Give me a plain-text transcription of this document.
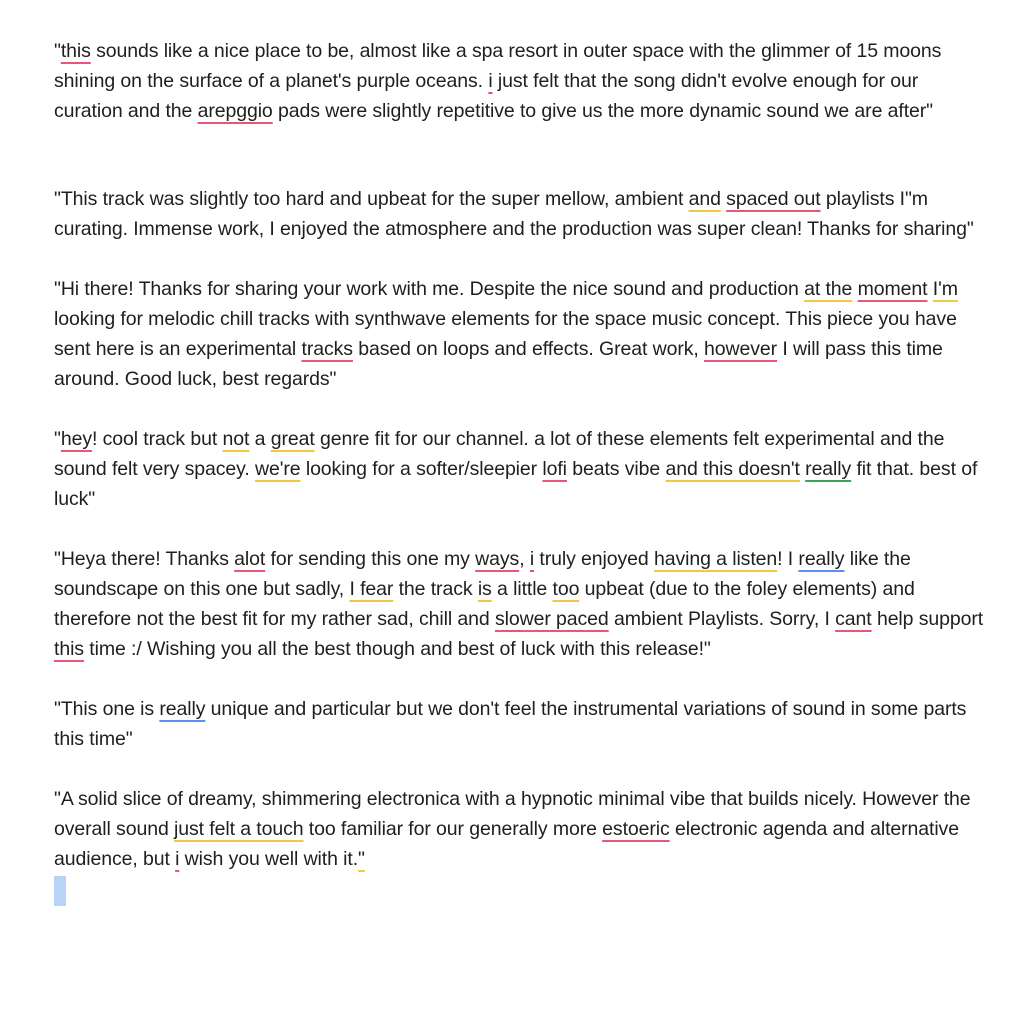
"this sounds like a nice place to be, almost like a spa resort in outer space with the glimmer of 15 moons shining on the surface of a planet's purple oceans. i just felt that the song didn't evolve enough for our curation and the arepggio pads were slightly repetitive to give us the more dynamic sound we are after"

"This track was slightly too hard and upbeat for the super mellow, ambient and spaced out playlists I"m curating. Immense work, I enjoyed the atmosphere and the production was super clean! Thanks for sharing"

"Hi there! Thanks for sharing your work with me. Despite the nice sound and production at the moment I'm looking for melodic chill tracks with synthwave elements for the space music concept. This piece you have sent here is an experimental tracks based on loops and effects. Great work, however I will pass this time around. Good luck, best regards"

"hey! cool track but not a great genre fit for our channel. a lot of these elements felt experimental and the sound felt very spacey. we're looking for a softer/sleepier lofi beats vibe and this doesn't really fit that. best of luck"

"Heya there! Thanks alot for sending this one my ways, i truly enjoyed having a listen! I really like the soundscape on this one but sadly, I fear the track is a little too upbeat (due to the foley elements) and therefore not the best fit for my rather sad, chill and slower paced ambient Playlists. Sorry, I cant help support this time :/ Wishing you all the best though and best of luck with this release!"

"This one is really unique and particular but we don't feel the instrumental variations of sound in some parts this time"

"A solid slice of dreamy, shimmering electronica with a hypnotic minimal vibe that builds nicely. However the overall sound just felt a touch too familiar for our generally more estoeric electronic agenda and alternative audience, but i wish you well with it."
